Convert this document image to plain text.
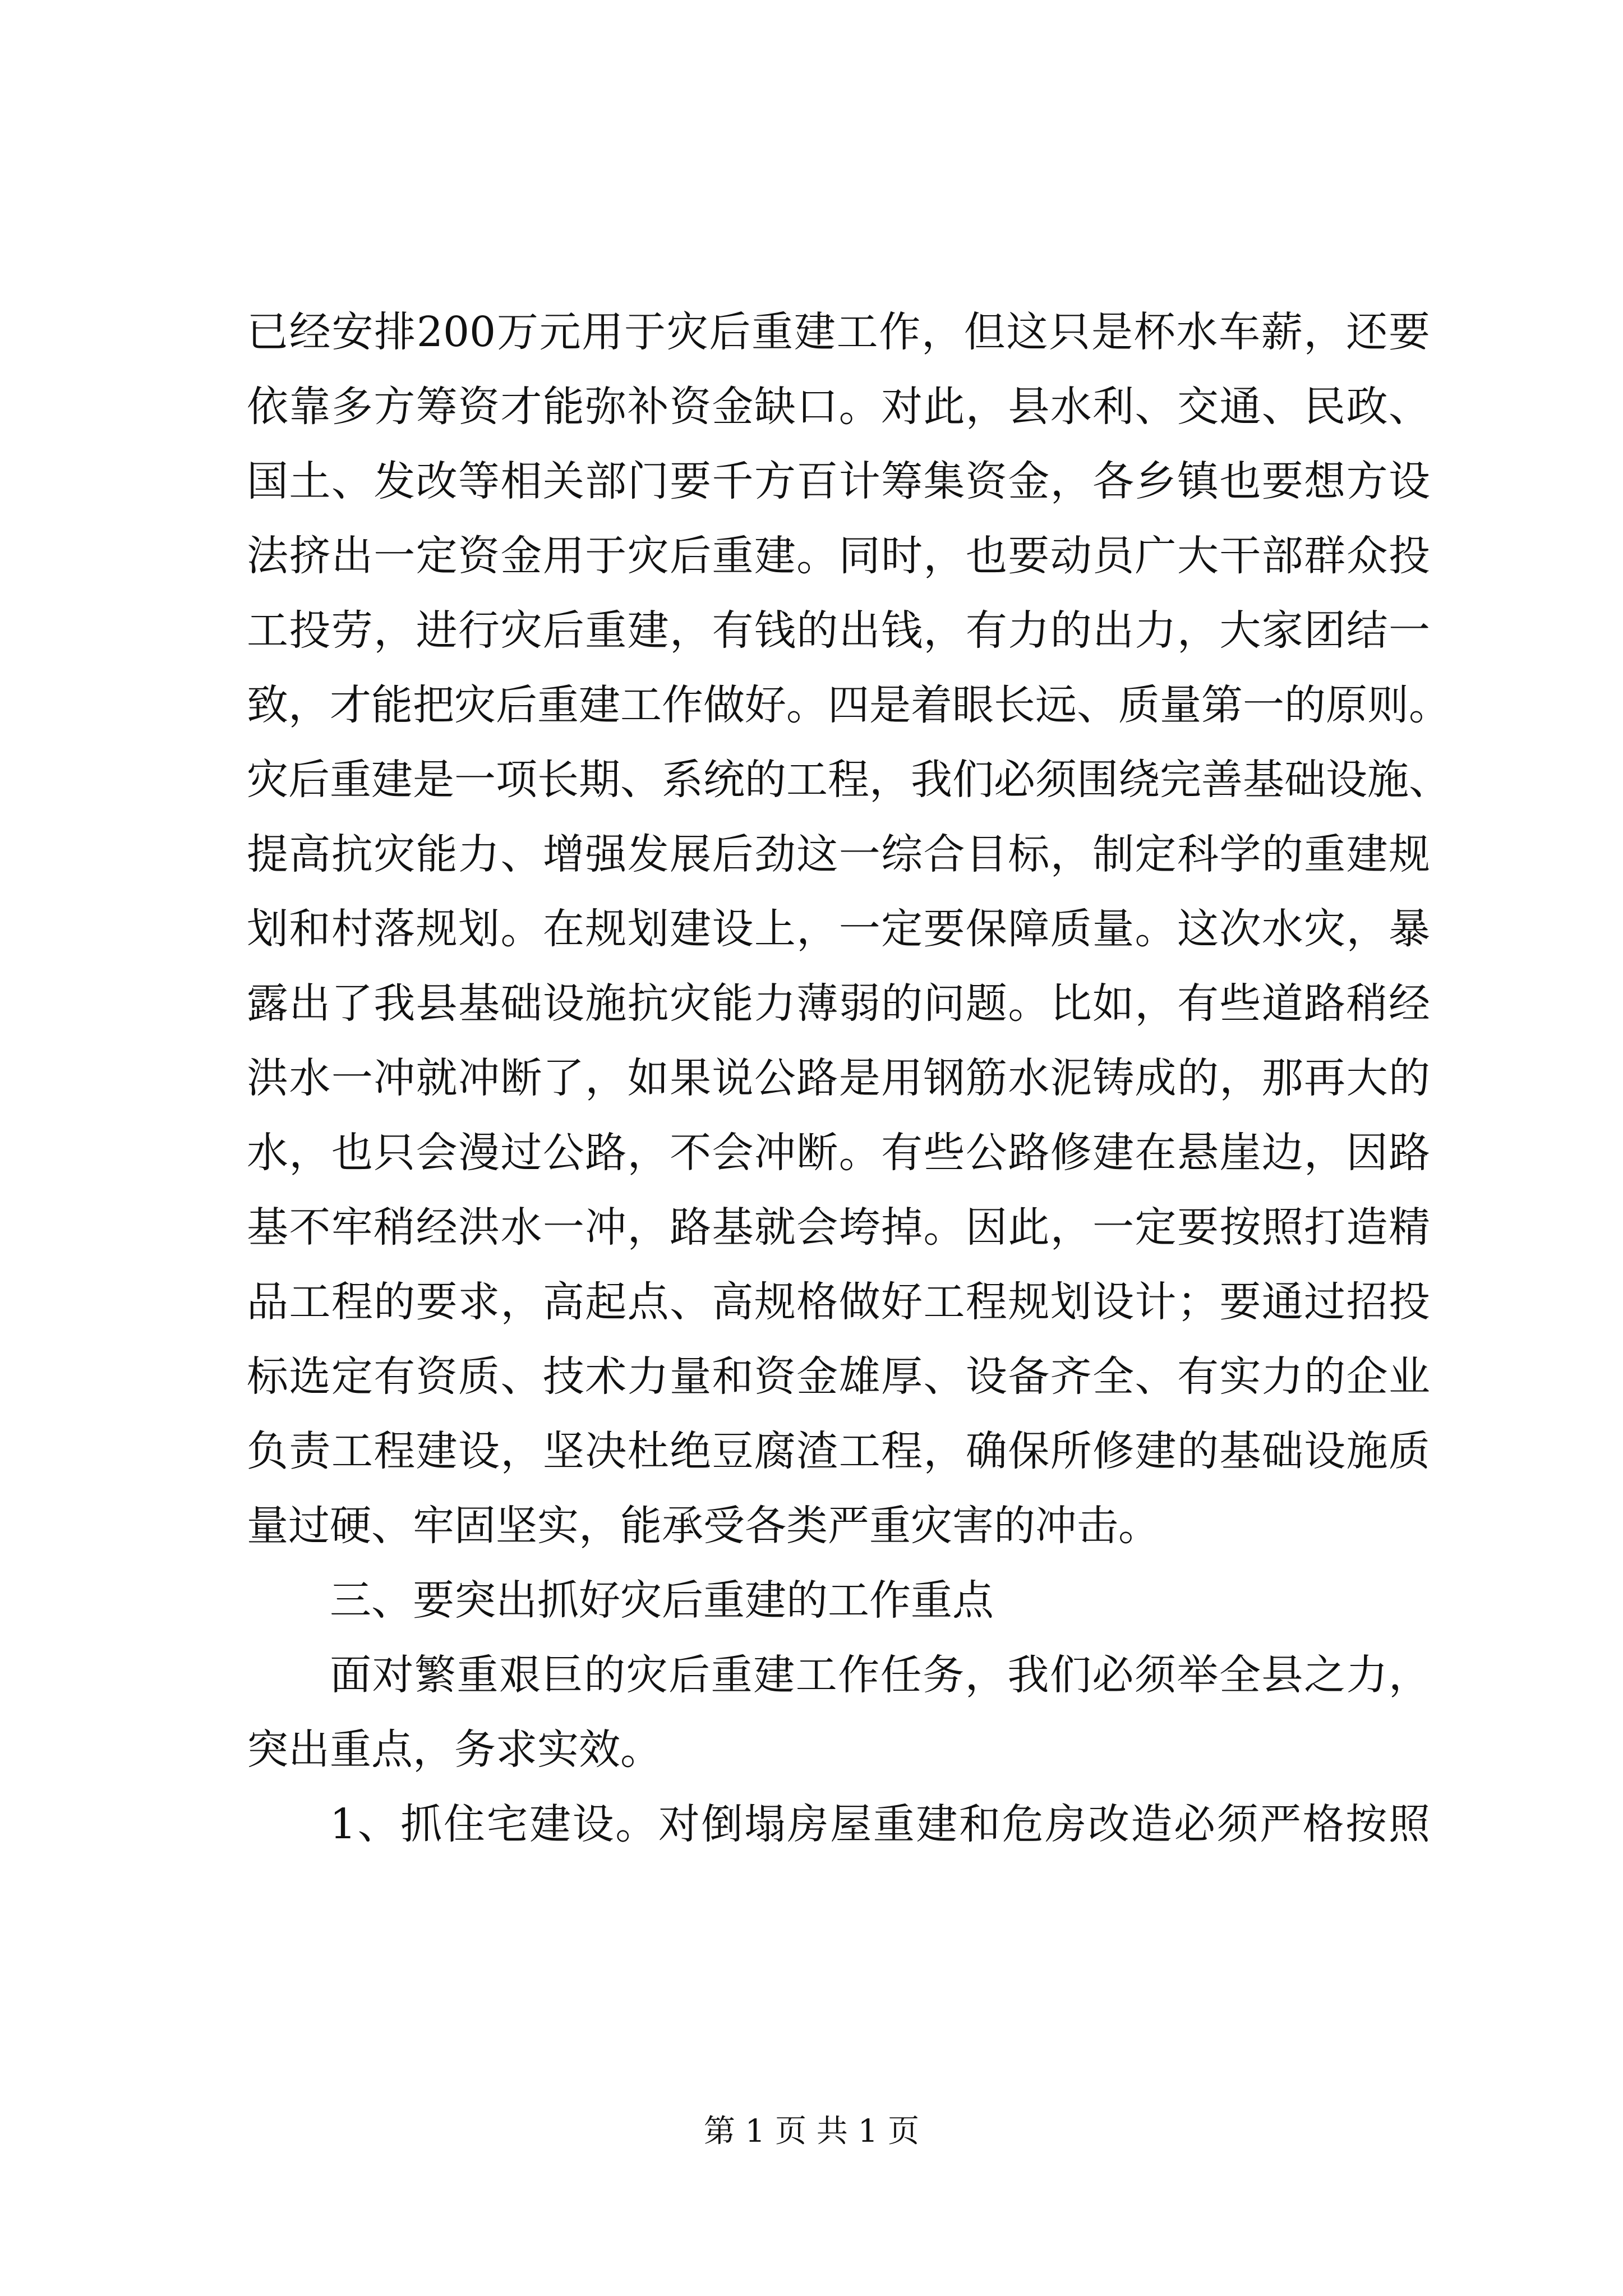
已经安排200万元用于灾后重建工作，但这只是杯水车薪，还要
依靠多方筹资才能弥补资金缺口。对此，县水利、交通、民政、
国土、发改等相关部门要千方百计筹集资金，各乡镇也要想方设
法挤出一定资金用于灾后重建。同时，也要动员广大干部群众投
工投劳，进行灾后重建，有钱的出钱，有力的出力，大家团结一
致，才能把灾后重建工作做好。四是着眼长远、质量第一的原则。
灾后重建是一项长期、系统的工程，我们必须围绕完善基础设施、
提高抗灾能力、增强发展后劲这一综合目标，制定科学的重建规
划和村落规划。在规划建设上，一定要保障质量。这次水灾，暴
露出了我县基础设施抗灾能力薄弱的问题。比如，有些道路稍经
洪水一冲就冲断了，如果说公路是用钢筋水泥铸成的，那再大的
水，也只会漫过公路，不会冲断。有些公路修建在悬崖边，因路
基不牢稍经洪水一冲，路基就会垮掉。因此，一定要按照打造精
品工程的要求，高起点、高规格做好工程规划设计；要通过招投
标选定有资质、技术力量和资金雄厚、设备齐全、有实力的企业
负责工程建设，坚决杜绝豆腐渣工程，确保所修建的基础设施质
量过硬、牢固坚实，能承受各类严重灾害的冲击。
三、要突出抓好灾后重建的工作重点
面对繁重艰巨的灾后重建工作任务，我们必须举全县之力，
突出重点，务求实效。
1、抓住宅建设。对倒塌房屋重建和危房改造必须严格按照
第 1 页 共 1 页
